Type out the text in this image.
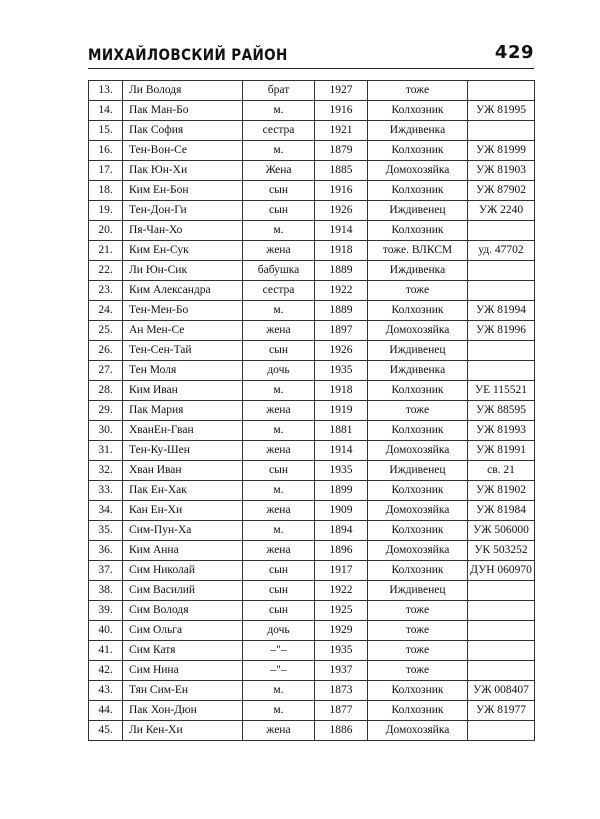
МИХАЙЛОВСКИЙ РАЙОН	429
13.	Ли Володя	брат	1927	тоже	
14.	Пак Ман-Бо	м.	1916	Колхозник	УЖ 81995
15.	Пак София	сестра	1921	Иждивенка	
16.	Тен-Вон-Се	м.	1879	Колхозник	УЖ 81999
17.	Пак Юн-Хи	Жена	1885	Домохозяйка	УЖ 81903
18.	Ким Ен-Бон	сын	1916	Колхозник	УЖ 87902
19.	Тен-Дон-Ги	сын	1926	Иждивенец	УЖ 2240
20.	Пя-Чан-Хо	м.	1914	Колхозник	
21.	Ким Ен-Сук	жена	1918	тоже. ВЛКСМ	уд. 47702
22.	Ли Юн-Сик	бабушка	1889	Иждивенка	
23.	Ким Александра	сестра	1922	тоже	
24.	Тен-Мен-Бо	м.	1889	Колхозник	УЖ 81994
25.	Ан Мен-Се	жена	1897	Домохозяйка	УЖ 81996
26.	Тен-Сен-Тай	сын	1926	Иждивенец	
27.	Тен Моля	дочь	1935	Иждивенка	
28.	Ким Иван	м.	1918	Колхозник	УЕ 115521
29.	Пак Мария	жена	1919	тоже	УЖ 88595
30.	ХванЕн-Гван	м.	1881	Колхозник	УЖ 81993
31.	Тен-Ку-Шен	жена	1914	Домохозяйка	УЖ 81991
32.	Хван Иван	сын	1935	Иждивенец	св. 21
33.	Пак Ен-Хак	м.	1899	Колхозник	УЖ 81902
34.	Кан Ен-Хи	жена	1909	Домохозяйка	УЖ 81984
35.	Сим-Пун-Ха	м.	1894	Колхозник	УЖ 506000
36.	Ким Анна	жена	1896	Домохозяйка	УК 503252
37.	Сим Николай	сын	1917	Колхозник	ДУН 060970
38.	Сим Василий	сын	1922	Иждивенец	
39.	Сим Володя	сын	1925	тоже	
40.	Сим Ольга	дочь	1929	тоже	
41.	Сим Катя	–"–	1935	тоже	
42.	Сим Нина	–"–	1937	тоже	
43.	Тян Сим-Ен	м.	1873	Колхозник	УЖ 008407
44.	Пак Хон-Дюн	м.	1877	Колхозник	УЖ 81977
45.	Ли Кен-Хи	жена	1886	Домохозяйка	
